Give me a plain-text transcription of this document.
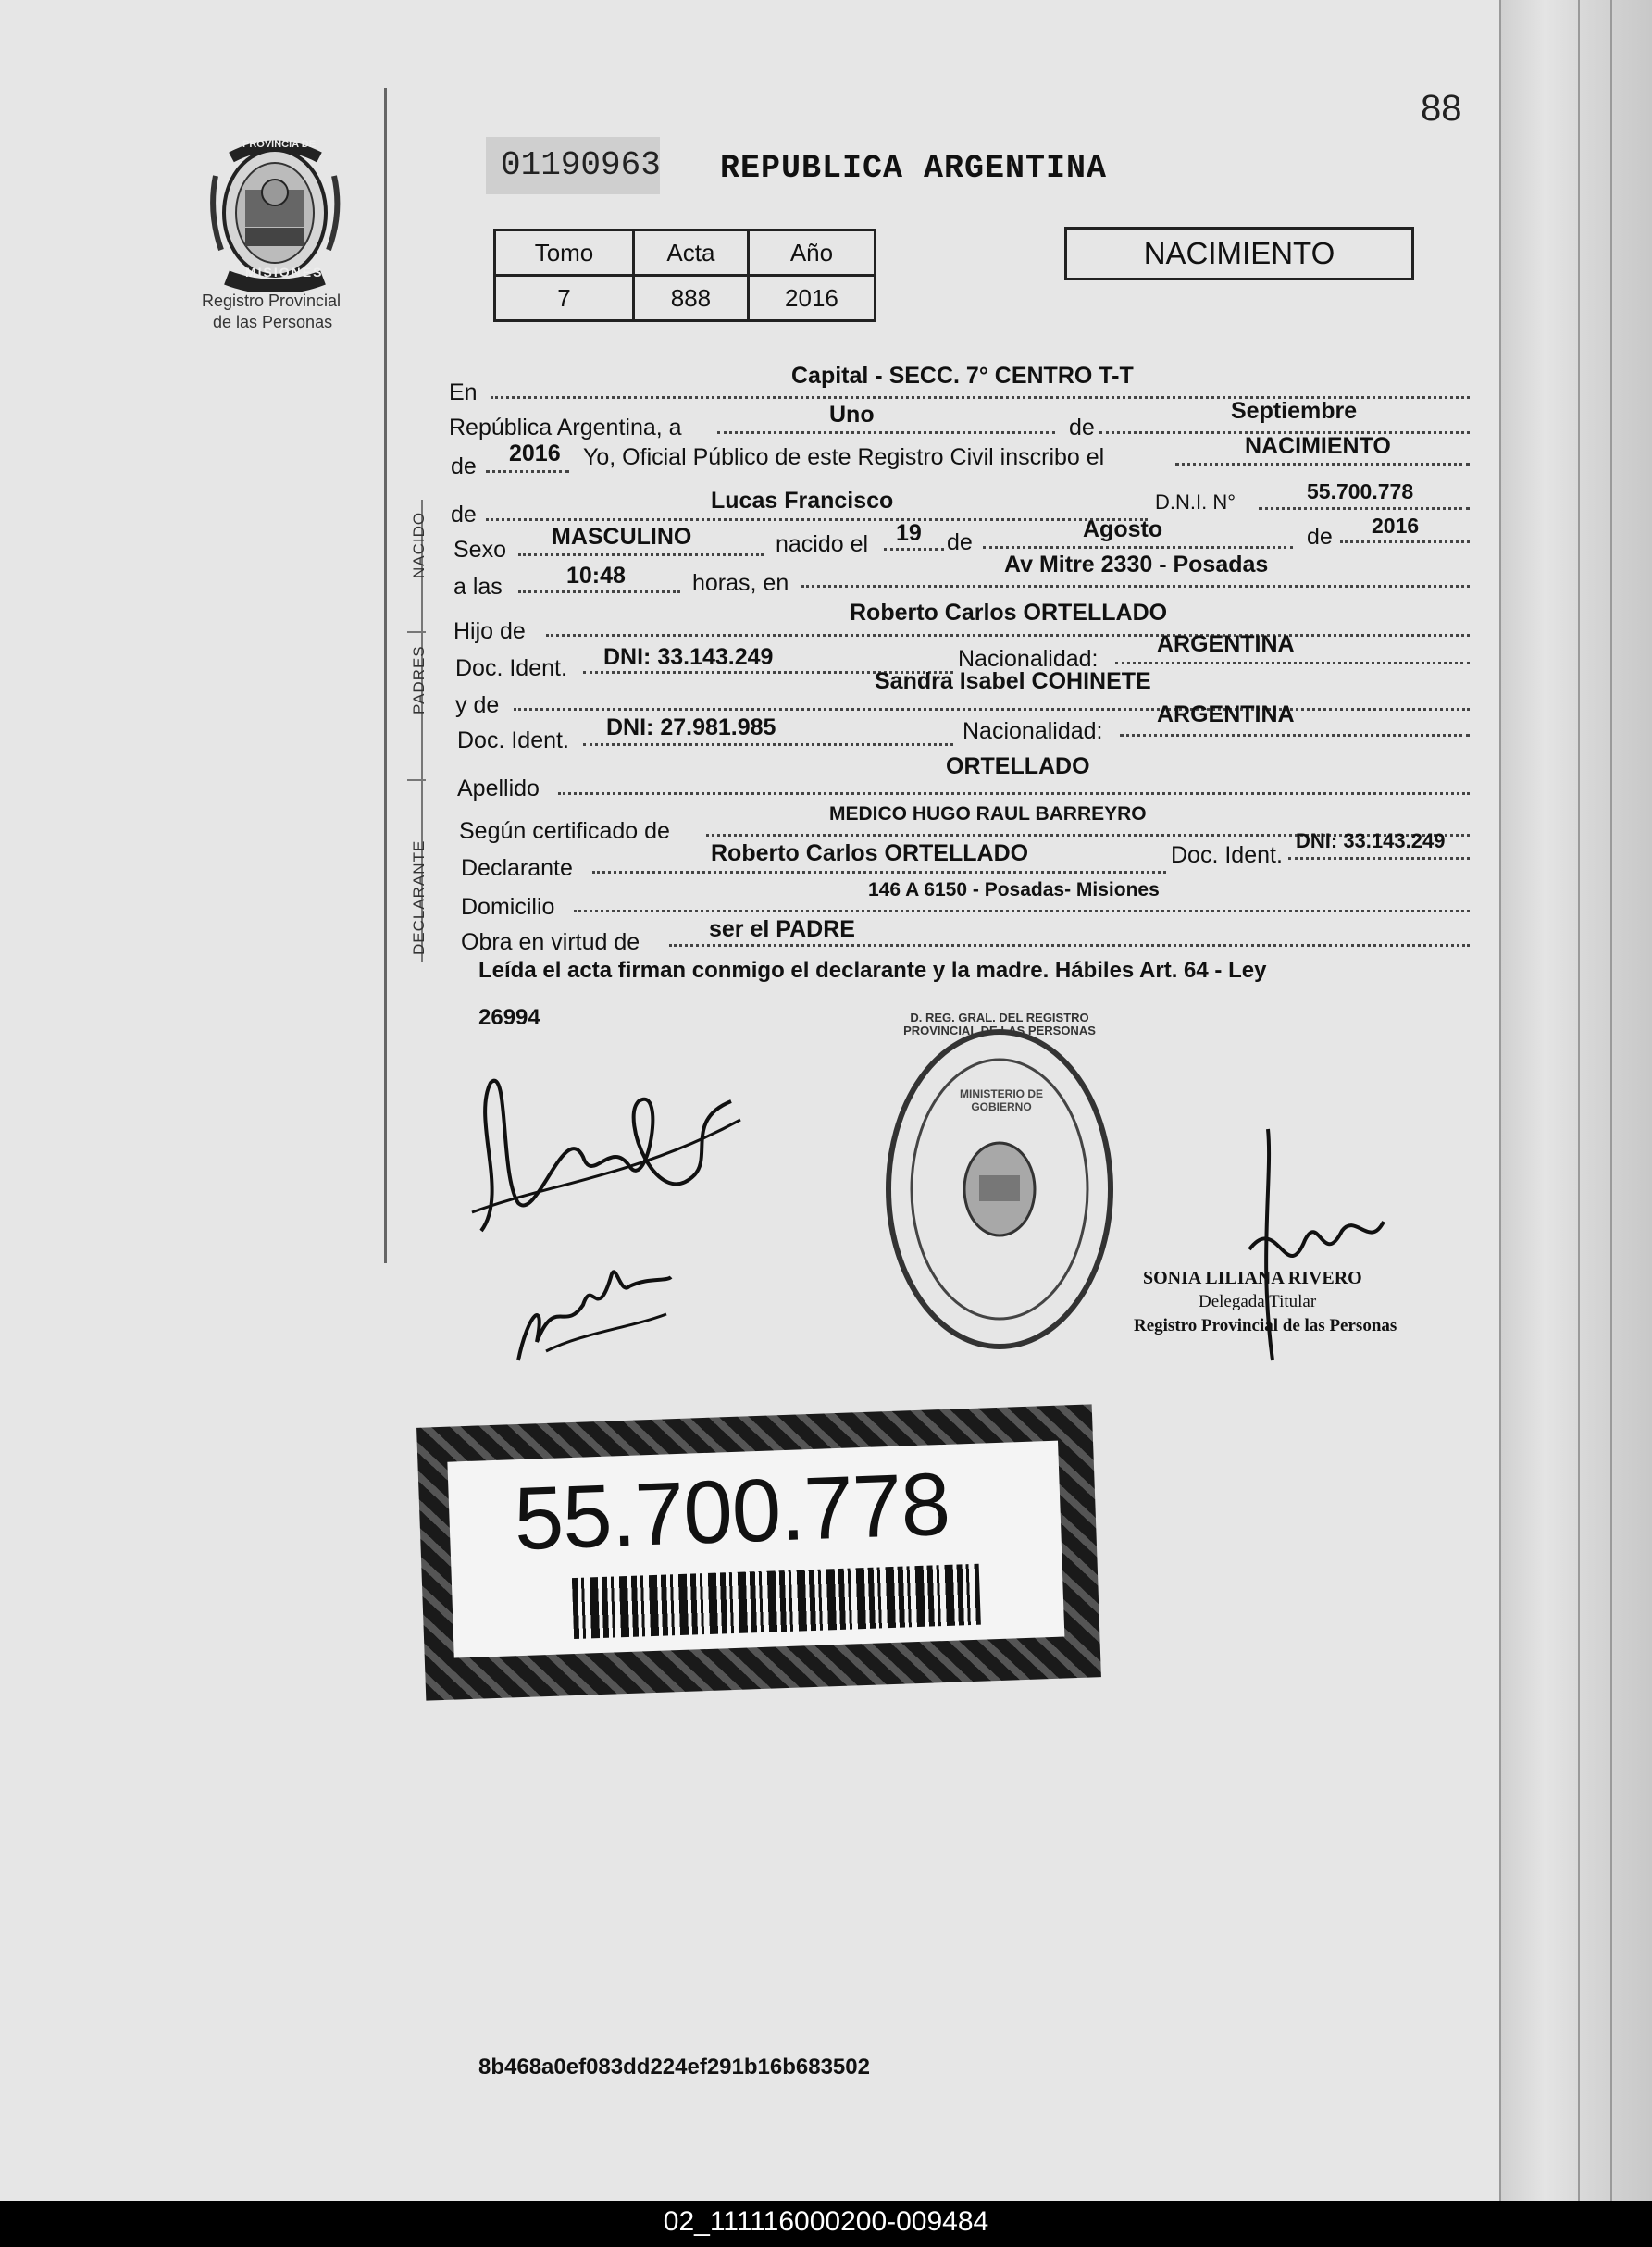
88
PROVINCIA DE
MISIONES
Registro Provincial
de las Personas
01190963 REPUBLICA ARGENTINA
Tomo	Acta	Año
7	888	2016
NACIMIENTO
NACIDO
PADRES
DECLARANTE
En
Capital - SECC. 7° CENTRO T-T
República Argentina, a	Uno	de
Septiembre
de 2016 Yo, Oficial Público de este Registro Civil inscribo el	NACIMIENTO
de
Lucas Francisco	D.N.I. N°	55.700.778
Sexo MASCULINO	nacido el 19 de	Agosto	de 2016
a las	10:48	horas, en
Av Mitre 2330 - Posadas
Hijo de
Roberto Carlos ORTELLADO
Doc. Ident. DNI: 33.143.249	Nacionalidad:
ARGENTINA
y de
Sandra Isabel COHINETE
Doc. Ident. DNI: 27.981.985	Nacionalidad:
ARGENTINA
Apellido
ORTELLADO
Según certificado de
MEDICO HUGO RAUL BARREYRO
Declarante
Roberto Carlos ORTELLADO	Doc. Ident.
DNI: 33.143.249
Domicilio
146 A 6150 - Posadas- Misiones
Obra en virtud de	ser el PADRE
Leída el acta firman conmigo el declarante y la madre. Hábiles Art. 64 - Ley
26994	D. REG. GRAL. DEL REGISTRO PROVINCIAL DE LAS PERSONAS
MINISTERIO DE GOBIERNO
SONIA LILIANA RIVERO
Delegada Titular
Registro Provincial de las Personas
55.700.778
8b468a0ef083dd224ef291b16b683502
02_111116000200-009484
